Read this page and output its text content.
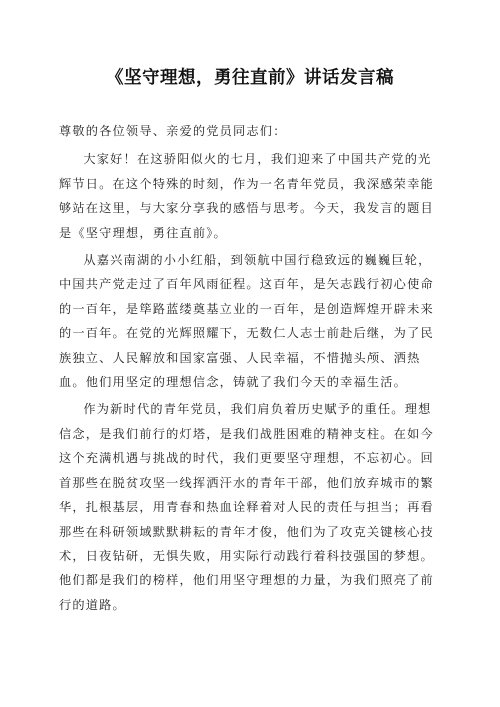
《坚守理想，勇往直前》讲话发言稿

尊敬的各位领导、亲爱的党员同志们：

大家好！在这骄阳似火的七月，我们迎来了中国共产党的光辉节日。在这个特殊的时刻，作为一名青年党员，我深感荣幸能够站在这里，与大家分享我的感悟与思考。今天，我发言的题目是《坚守理想，勇往直前》。

从嘉兴南湖的小小红船，到领航中国行稳致远的巍巍巨轮，中国共产党走过了百年风雨征程。这百年，是矢志践行初心使命的一百年，是筚路蓝缕奠基立业的一百年，是创造辉煌开辟未来的一百年。在党的光辉照耀下，无数仁人志士前赴后继，为了民族独立、人民解放和国家富强、人民幸福，不惜抛头颅、洒热血。他们用坚定的理想信念，铸就了我们今天的幸福生活。

作为新时代的青年党员，我们肩负着历史赋予的重任。理想信念，是我们前行的灯塔，是我们战胜困难的精神支柱。在如今这个充满机遇与挑战的时代，我们更要坚守理想，不忘初心。回首那些在脱贫攻坚一线挥洒汗水的青年干部，他们放弃城市的繁华，扎根基层，用青春和热血诠释着对人民的责任与担当；再看那些在科研领域默默耕耘的青年才俊，他们为了攻克关键核心技术，日夜钻研，无惧失败，用实际行动践行着科技强国的梦想。他们都是我们的榜样，他们用坚守理想的力量，为我们照亮了前行的道路。
